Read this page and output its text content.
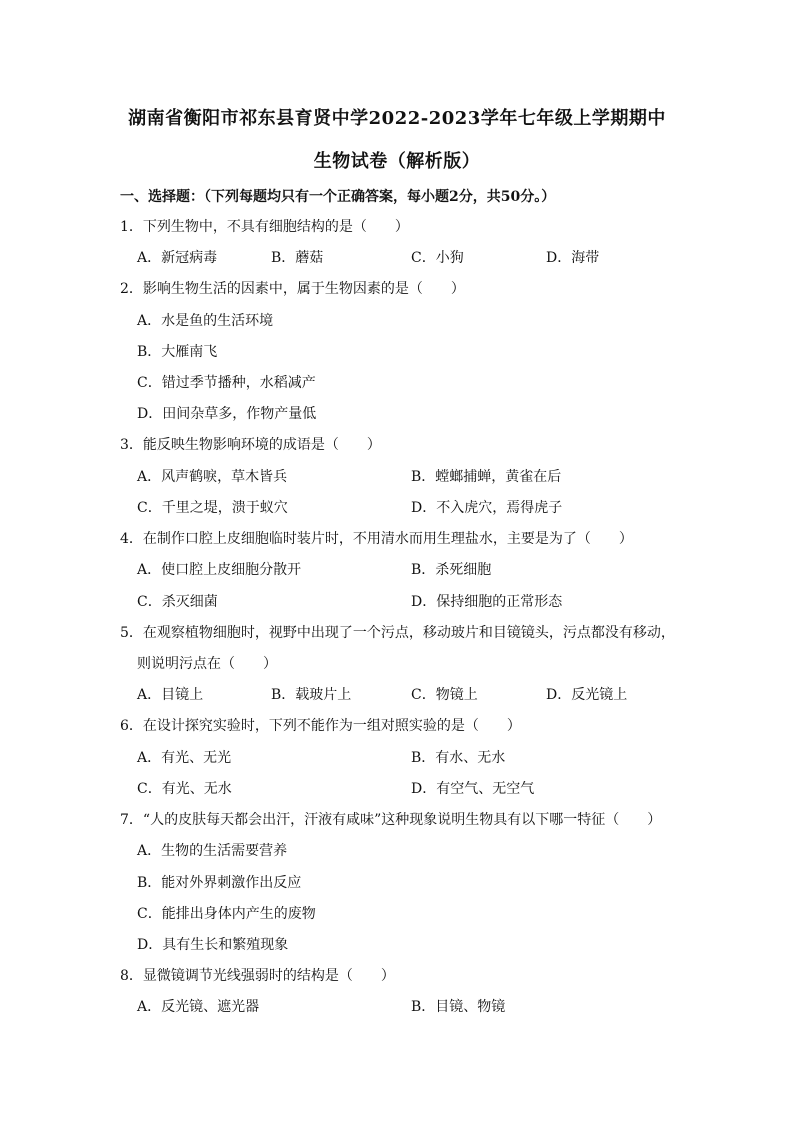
湖南省衡阳市祁东县育贤中学2022-2023学年七年级上学期期中
生物试卷（解析版）
一、选择题：（下列每题均只有一个正确答案，每小题2分，共50分。）
1．下列生物中，不具有细胞结构的是（　　）
A．新冠病毒	B．蘑菇	C．小狗	D．海带
2．影响生物生活的因素中，属于生物因素的是（　　）
A．水是鱼的生活环境
B．大雁南飞
C．错过季节播种，水稻减产
D．田间杂草多，作物产量低
3．能反映生物影响环境的成语是（　　）
A．风声鹤唳，草木皆兵	B．螳螂捕蝉，黄雀在后
C．千里之堤，溃于蚁穴	D．不入虎穴，焉得虎子
4．在制作口腔上皮细胞临时装片时，不用清水而用生理盐水，主要是为了（　　）
A．使口腔上皮细胞分散开	B．杀死细胞
C．杀灭细菌	D．保持细胞的正常形态
5．在观察植物细胞时，视野中出现了一个污点，移动玻片和目镜镜头，污点都没有移动，
则说明污点在（　　）
A．目镜上	B．载玻片上	C．物镜上	D．反光镜上
6．在设计探究实验时，下列不能作为一组对照实验的是（　　）
A．有光、无光	B．有水、无水
C．有光、无水	D．有空气、无空气
7．“人的皮肤每天都会出汗，汗液有咸味”这种现象说明生物具有以下哪一特征（　　）
A．生物的生活需要营养
B．能对外界刺激作出反应
C．能排出身体内产生的废物
D．具有生长和繁殖现象
8．显微镜调节光线强弱时的结构是（　　）
A．反光镜、遮光器	B．目镜、物镜
